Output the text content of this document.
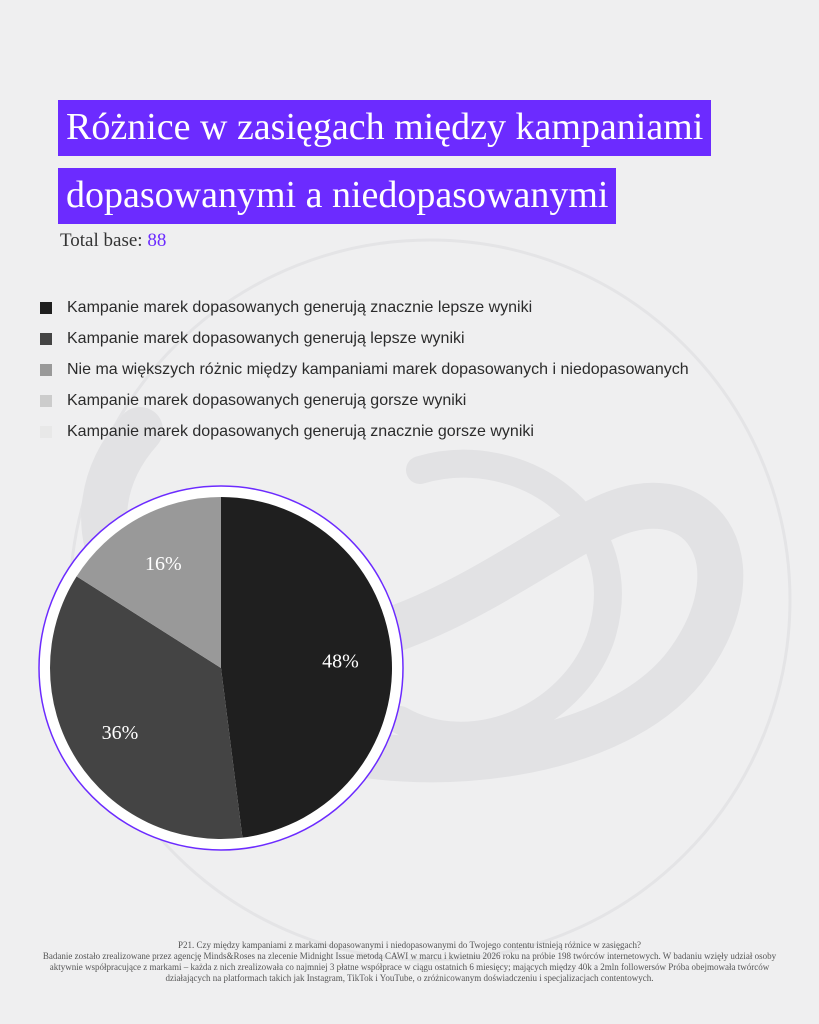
Różnice w zasięgach między kampaniami
dopasowanymi a niedopasowanymi
Total base: 88
Kampanie marek dopasowanych generują znacznie lepsze wyniki
Kampanie marek dopasowanych generują lepsze wyniki
Nie ma większych różnic między kampaniami marek dopasowanych i niedopasowanych
Kampanie marek dopasowanych generują gorsze wyniki
Kampanie marek dopasowanych generują znacznie gorsze wyniki
48%
36%
16%
P21. Czy między kampaniami z markami dopasowanymi i niedopasowanymi do Twojego contentu istnieją różnice w zasięgach?
Badanie zostało zrealizowane przez agencję Minds&Roses na zlecenie Midnight Issue metodą CAWI w marcu i kwietniu 2026 roku na próbie 198 twórców internetowych. W badaniu wzięły udział osoby aktywnie współpracujące z markami – każda z nich zrealizowała co najmniej 3 płatne współprace w ciągu ostatnich 6 miesięcy; mających między 40k a 2mln followersów Próba obejmowała twórców działających na platformach takich jak Instagram, TikTok i YouTube, o zróżnicowanym doświadczeniu i specjalizacjach contentowych.
